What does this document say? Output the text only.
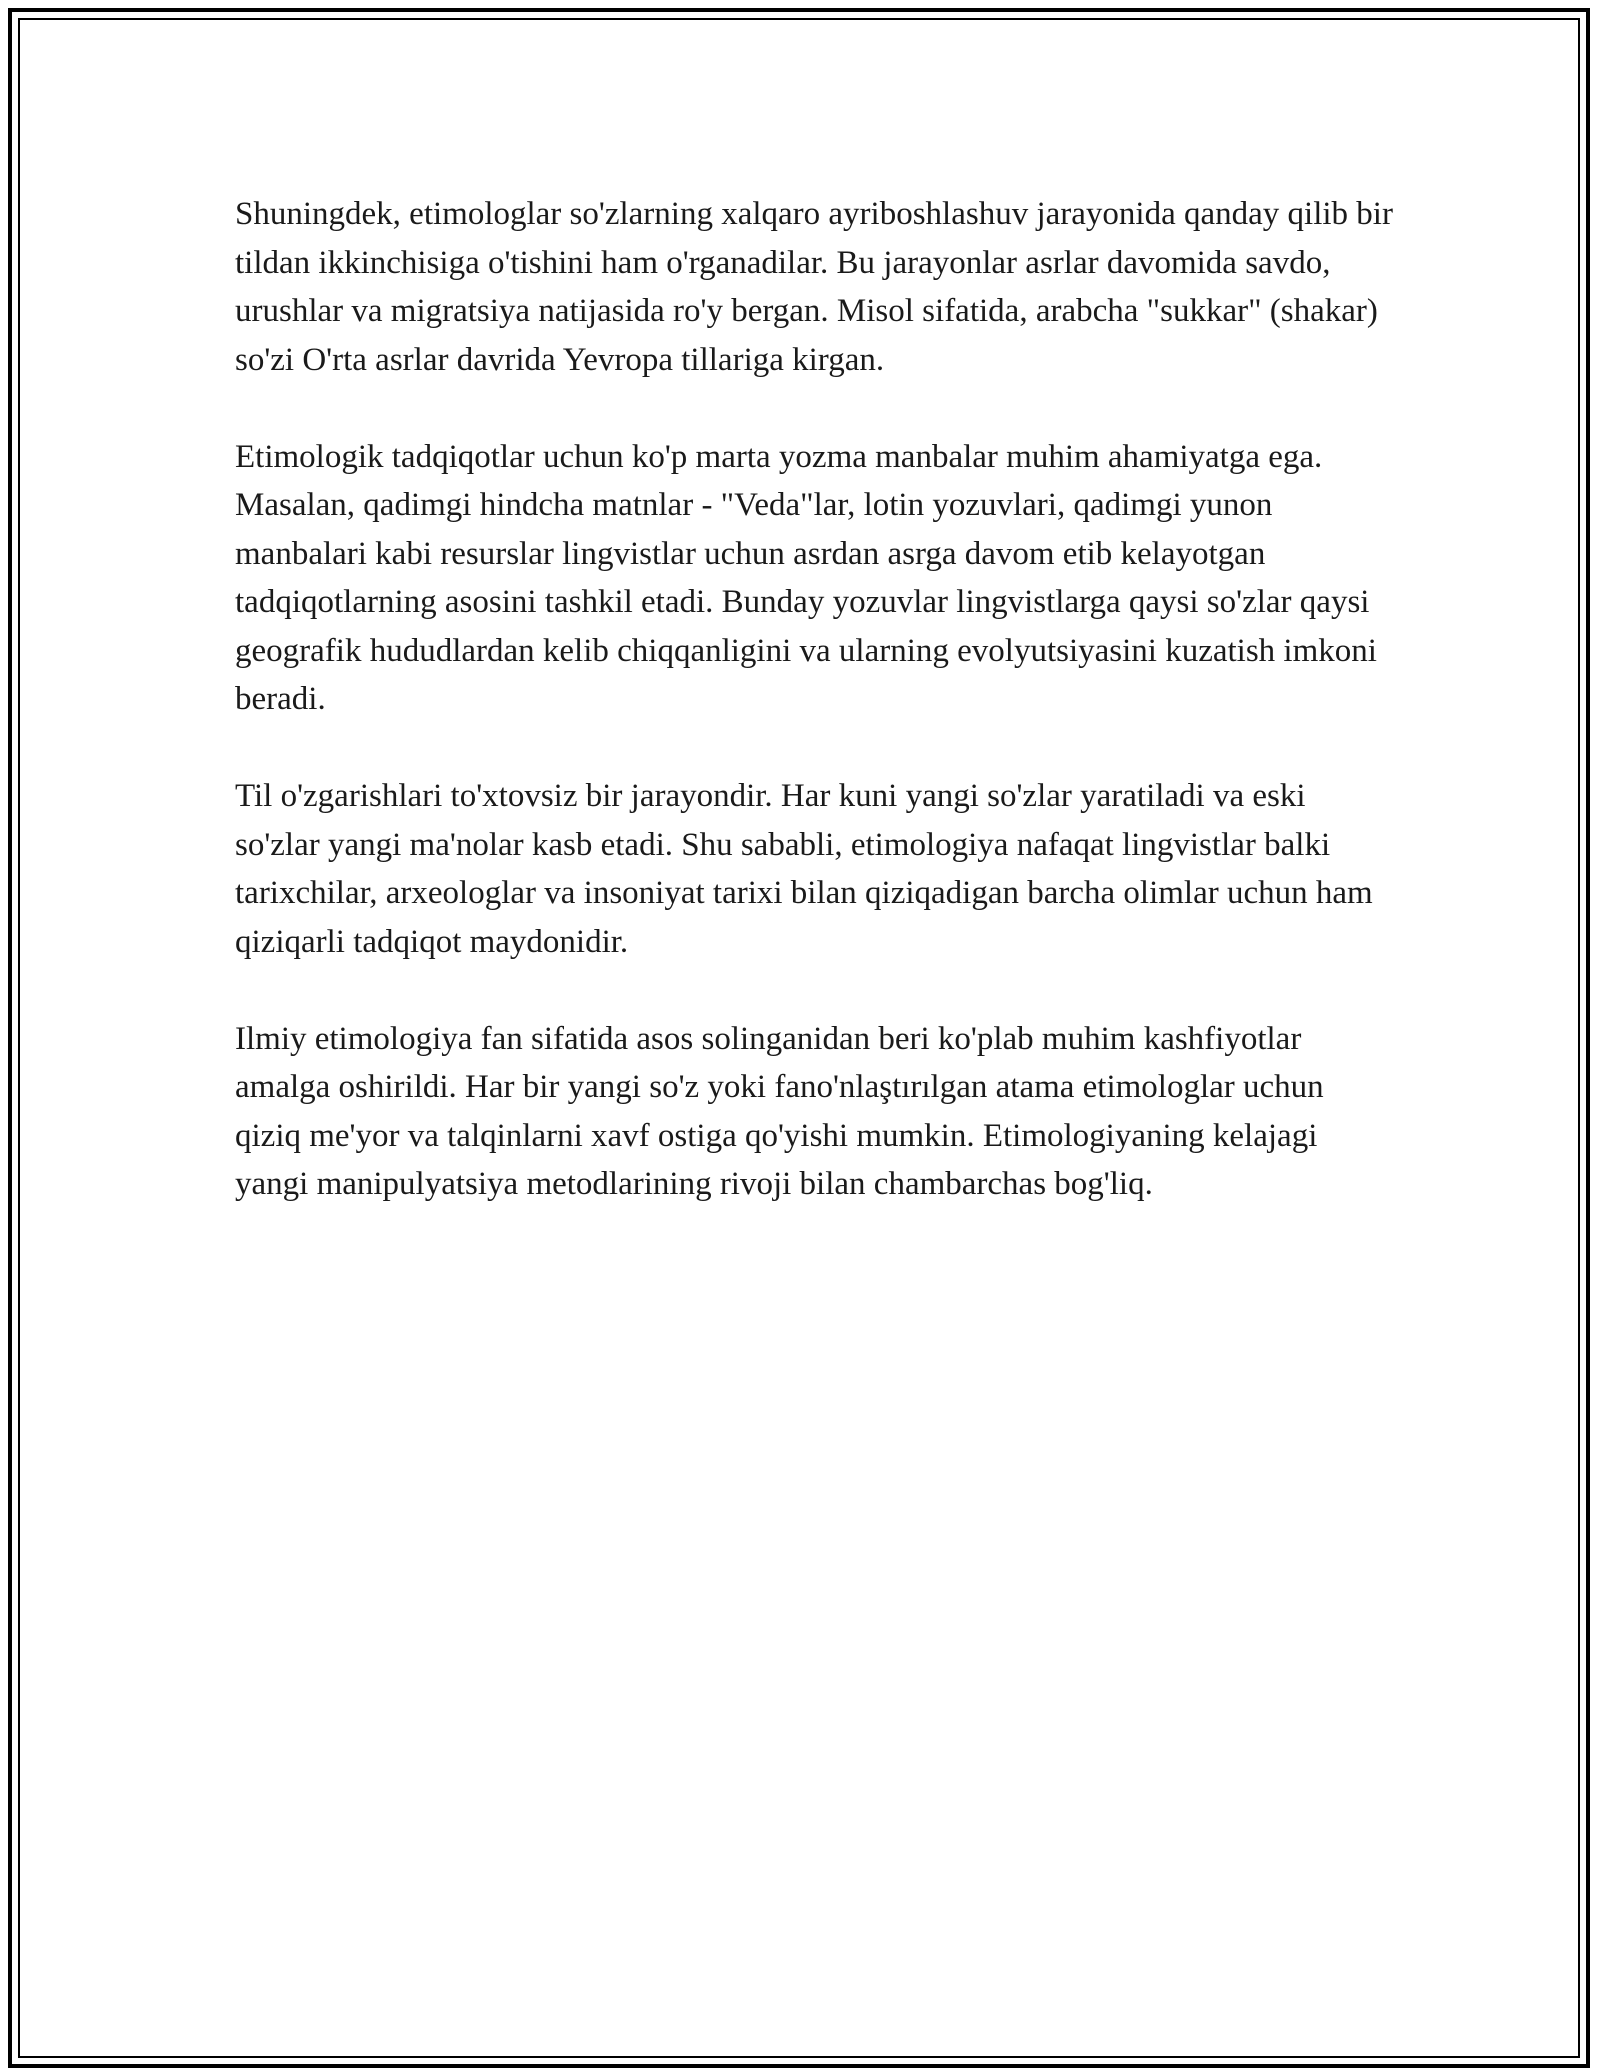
Shuningdek, etimologlar so'zlarning xalqaro ayriboshlashuv jarayonida qanday qilib bir tildan ikkinchisiga o'tishini ham o'rganadilar. Bu jarayonlar asrlar davomida savdo, urushlar va migratsiya natijasida ro'y bergan. Misol sifatida, arabcha "sukkar" (shakar) so'zi O'rta asrlar davrida Yevropa tillariga kirgan.

Etimologik tadqiqotlar uchun ko'p marta yozma manbalar muhim ahamiyatga ega. Masalan, qadimgi hindcha matnlar - "Veda"lar, lotin yozuvlari, qadimgi yunon manbalari kabi resurslar lingvistlar uchun asrdan asrga davom etib kelayotgan tadqiqotlarning asosini tashkil etadi. Bunday yozuvlar lingvistlarga qaysi so'zlar qaysi geografik hududlardan kelib chiqqanligini va ularning evolyutsiyasini kuzatish imkoni beradi.

Til o'zgarishlari to'xtovsiz bir jarayondir. Har kuni yangi so'zlar yaratiladi va eski so'zlar yangi ma'nolar kasb etadi. Shu sababli, etimologiya nafaqat lingvistlar balki tarixchilar, arxeologlar va insoniyat tarixi bilan qiziqadigan barcha olimlar uchun ham qiziqarli tadqiqot maydonidir.

Ilmiy etimologiya fan sifatida asos solinganidan beri ko'plab muhim kashfiyotlar amalga oshirildi. Har bir yangi so'z yoki fano'nlaştırılgan atama etimologlar uchun qiziq me'yor va talqinlarni xavf ostiga qo'yishi mumkin. Etimologiyaning kelajagi yangi manipulyatsiya metodlarining rivoji bilan chambarchas bog'liq.
